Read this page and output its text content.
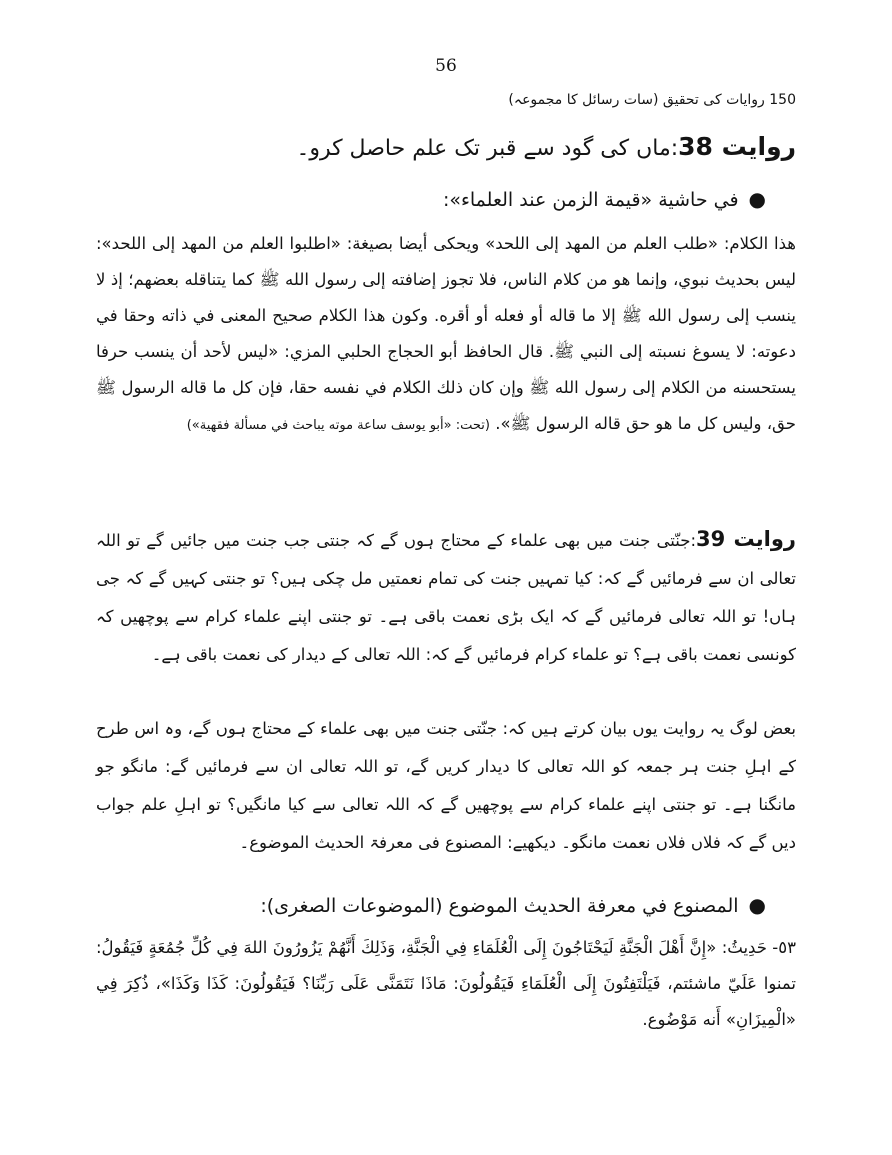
56
150 روایات کی تحقیق (سات رسائل کا مجموعہ)
روایت 38:ماں کی گود سے قبر تک علم حاصل کرو۔
●في حاشية «قيمة الزمن عند العلماء»:
هذا الكلام: «طلب العلم من المهد إلى اللحد» ويحكى أيضا بصيغة: «اطلبوا العلم من المهد إلى اللحد»: ليس بحديث نبوي، وإنما هو من كلام الناس، فلا تجوز إضافته إلى رسول الله ﷺ كما يتناقله بعضهم؛ إذ لا ينسب إلى رسول الله ﷺ إلا ما قاله أو فعله أو أقره. وكون هذا الكلام صحيح المعنى في ذاته وحقا في دعوته: لا يسوغ نسبته إلى النبي ﷺ. قال الحافظ أبو الحجاج الحلبي المزي: «ليس لأحد أن ينسب حرفا يستحسنه من الكلام إلى رسول الله ﷺ وإن كان ذلك الكلام في نفسه حقا، فإن كل ما قاله الرسول ﷺ حق، وليس كل ما هو حق قاله الرسول ﷺ». (تحت: «أبو يوسف ساعة موته يباحث في مسألة فقهية»)
روایت 39:جنّتی جنت میں بھی علماء کے محتاج ہوں گے کہ جنتی جب جنت میں جائیں گے تو اللہ تعالی ان سے فرمائیں گے کہ: کیا تمہیں جنت کی تمام نعمتیں مل چکی ہیں؟ تو جنتی کہیں گے کہ جی ہاں! تو اللہ تعالی فرمائیں گے کہ ایک بڑی نعمت باقی ہے۔ تو جنتی اپنے علماء کرام سے پوچھیں کہ کونسی نعمت باقی ہے؟ تو علماء کرام فرمائیں گے کہ: اللہ تعالی کے دیدار کی نعمت باقی ہے۔
بعض لوگ یہ روایت یوں بیان کرتے ہیں کہ: جنّتی جنت میں بھی علماء کے محتاج ہوں گے، وہ اس طرح کے اہلِ جنت ہر جمعہ کو اللہ تعالی کا دیدار کریں گے، تو اللہ تعالی ان سے فرمائیں گے: مانگو جو مانگنا ہے۔ تو جنتی اپنے علماء کرام سے پوچھیں گے کہ اللہ تعالی سے کیا مانگیں؟ تو اہلِ علم جواب دیں گے کہ فلاں فلاں نعمت مانگو۔ دیکھیے: المصنوع فی معرفۃ الحدیث الموضوع۔
●المصنوع في معرفة الحديث الموضوع (الموضوعات الصغرى):
٥٣- حَدِيثُ: «إِنَّ أَهْلَ الْجَنَّةِ لَيَحْتَاجُونَ إِلَى الْعُلَمَاءِ فِي الْجَنَّةِ، وَذَلِكَ أَنَّهُمْ يَزُورُونَ اللهَ فِي كُلِّ جُمُعَةٍ فَيَقُولُ: تمنوا عَلَيّ ماشئتم، فَيَلْتَفِتُونَ إِلَى الْعُلَمَاءِ فَيَقُولُونَ: مَاذَا نَتَمَنَّى عَلَى رَبِّنَا؟ فَيَقُولُونَ: كَذَا وَكَذَا»، ذُكِرَ فِي «الْمِيزَانِ» أَنه مَوْضُوع.
